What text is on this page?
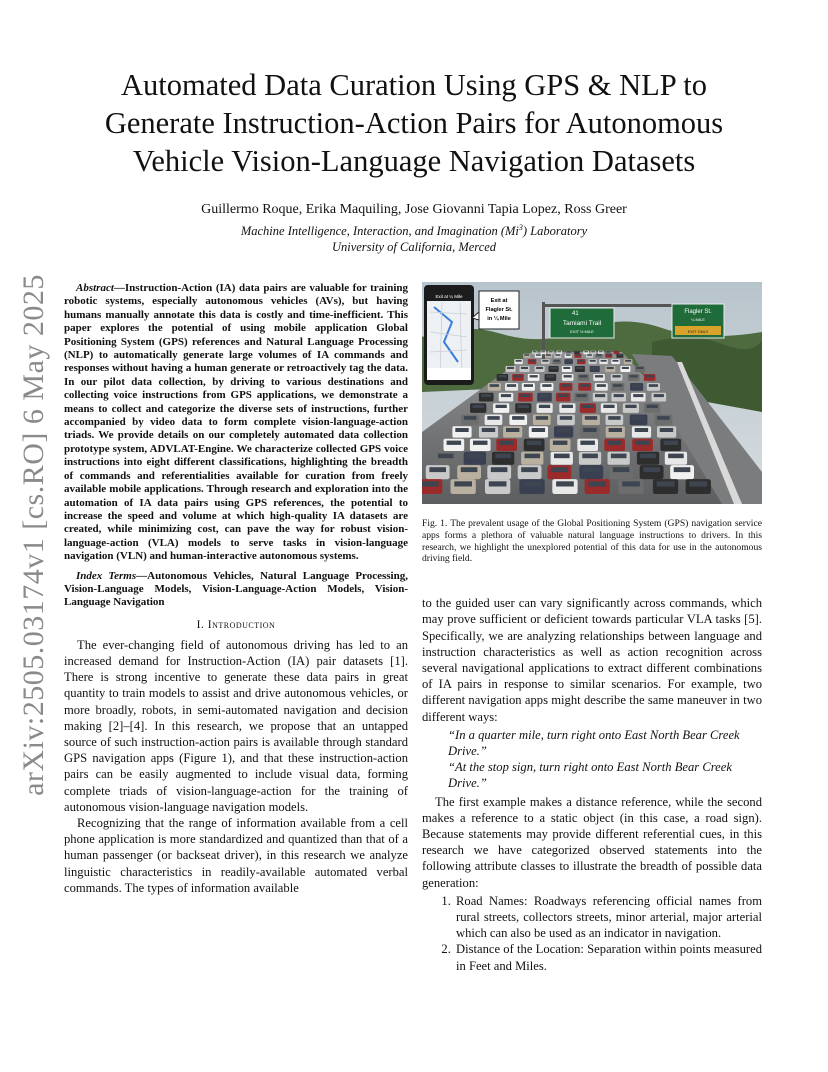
arXiv:2505.03174v1 [cs.RO] 6 May 2025
Automated Data Curation Using GPS & NLP to
Generate Instruction-Action Pairs for Autonomous
Vehicle Vision-Language Navigation Datasets
Guillermo Roque, Erika Maquiling, Jose Giovanni Tapia Lopez, Ross Greer
Machine Intelligence, Interaction, and Imagination (Mi$^3$) Laboratory
University of California, Merced

Abstract—Instruction-Action (IA) data pairs are valuable for training robotic systems, especially autonomous vehicles (AVs), but having humans manually annotate this data is costly and time-inefficient. This paper explores the potential of using mobile application Global Positioning System (GPS) references and Natural Language Processing (NLP) to automatically generate large volumes of IA commands and responses without having a human generate or retroactively tag the data. In our pilot data collection, by driving to various destinations and collecting voice instructions from GPS applications, we demonstrate a means to collect and categorize the diverse sets of instructions, further accompanied by video data to form complete vision-language-action triads. We provide details on our completely automated data collection prototype system, ADVLAT-Engine. We characterize collected GPS voice instructions into eight different classifications, highlighting the breadth of commands and referentialities available for curation from freely available mobile applications. Through research and exploration into the automation of IA data pairs using GPS references, the potential to increase the speed and volume at which high-quality IA datasets are created, while minimizing cost, can pave the way for robust vision-language-action (VLA) models to serve tasks in vision-language navigation (VLN) and human-interactive autonomous systems.

Index Terms—Autonomous Vehicles, Natural Language Processing, Vision-Language Models, Vision-Language-Action Models, Vision-Language Navigation

I. Introduction

The ever-changing field of autonomous driving has led to an increased demand for Instruction-Action (IA) pair datasets [1]. There is strong incentive to generate these data pairs in great quantity to train models to assist and drive autonomous vehicles, or more broadly, robots, in semi-automated navigation and decision making [2]–[4]. In this research, we propose that an untapped source of such instruction-action pairs is available through standard GPS navigation apps (Figure 1), and that these instruction-action pairs can be easily augmented to include visual data, forming complete triads of vision-language-action for the training of autonomous vision-language navigation models.

Recognizing that the range of information available from a cell phone application is more standardized and quantized than that of a human passenger (or backseat driver), in this research we analyze linguistic characteristics in readily-available automated verbal commands. The types of information available

41
Tamiami Trail
EXIT ½ MILE
Flagler St.
¼ MILE
EXIT ONLY
Exit at ¼ Mile
Exit at
Flagler St.
in ¼ Mile

Fig. 1. The prevalent usage of the Global Positioning System (GPS) navigation service apps forms a plethora of valuable natural language instructions to drivers. In this research, we highlight the unexplored potential of this data for use in the autonomous driving field.

to the guided user can vary significantly across commands, which may prove sufficient or deficient towards particular VLA tasks [5]. Specifically, we are analyzing relationships between language and instruction characteristics as well as action recognition across several navigational applications to extract different combinations of IA pairs in response to similar scenarios. For example, two different navigation apps might describe the same maneuver in two different ways:

“In a quarter mile, turn right onto East North Bear Creek Drive.”

“At the stop sign, turn right onto East North Bear Creek Drive.”

The first example makes a distance reference, while the second makes a reference to a static object (in this case, a road sign). Because statements may provide different referential cues, in this research we have categorized observed statements into the following attribute classes to illustrate the breadth of possible data generation:

1. Road Names: Roadways referencing official names from rural streets, collectors streets, minor arterial, major arterial which can also be used as an indicator in navigation.
2. Distance of the Location: Separation within points measured in Feet and Miles.
